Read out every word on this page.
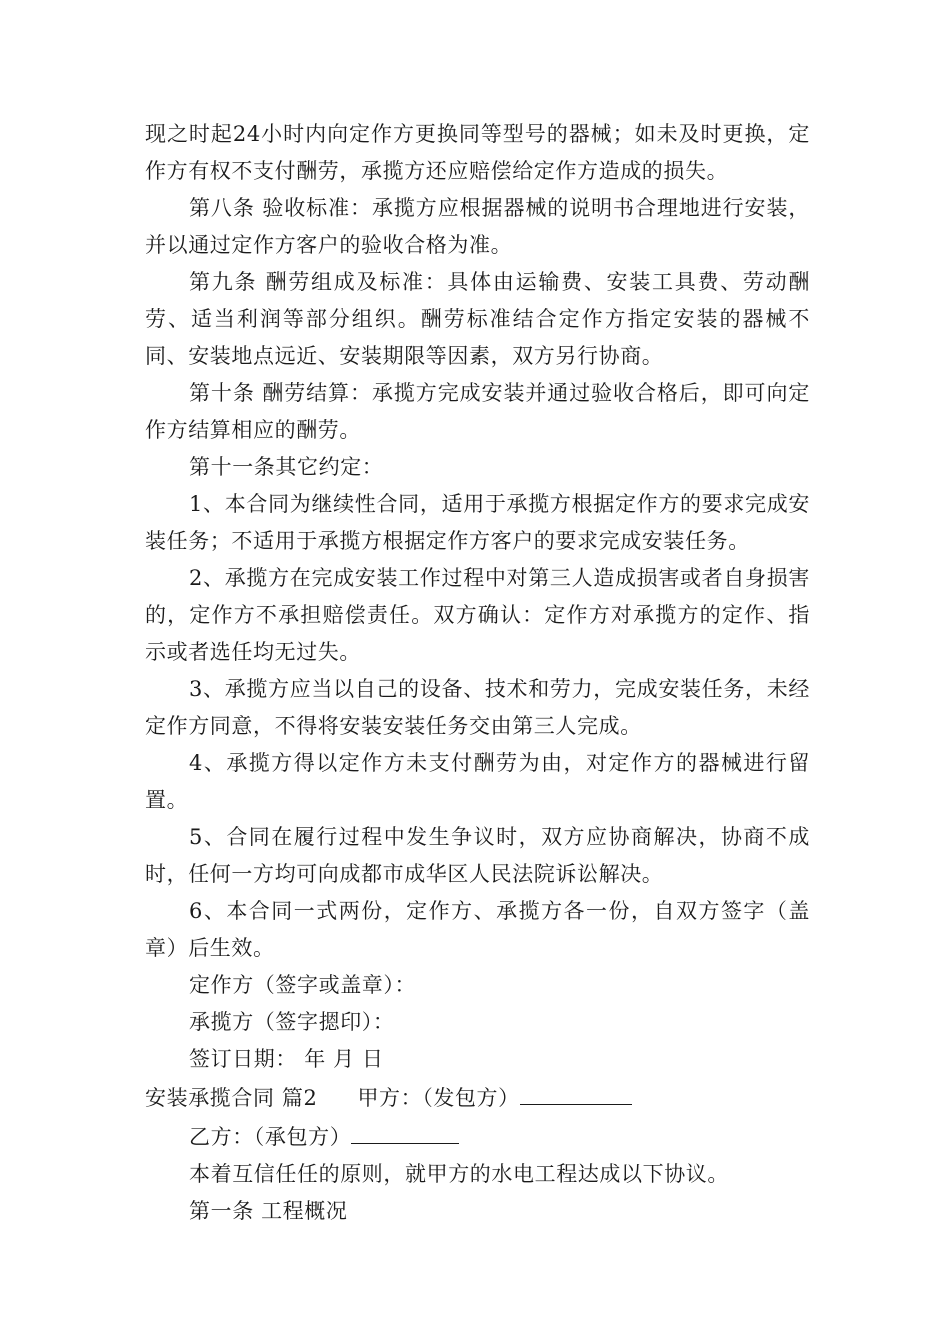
现之时起24小时内向定作方更换同等型号的器械；如未及时更换，定作方有权不支付酬劳，承揽方还应赔偿给定作方造成的损失。

第八条 验收标准：承揽方应根据器械的说明书合理地进行安装，并以通过定作方客户的验收合格为准。

第九条 酬劳组成及标准：具体由运输费、安装工具费、劳动酬劳、适当利润等部分组织。酬劳标准结合定作方指定安装的器械不同、安装地点远近、安装期限等因素，双方另行协商。

第十条 酬劳结算：承揽方完成安装并通过验收合格后，即可向定作方结算相应的酬劳。

第十一条其它约定：

1、本合同为继续性合同，适用于承揽方根据定作方的要求完成安装任务；不适用于承揽方根据定作方客户的要求完成安装任务。

2、承揽方在完成安装工作过程中对第三人造成损害或者自身损害的，定作方不承担赔偿责任。双方确认：定作方对承揽方的定作、指示或者选任均无过失。

3、承揽方应当以自己的设备、技术和劳力，完成安装任务，未经定作方同意，不得将安装安装任务交由第三人完成。

4、承揽方得以定作方未支付酬劳为由，对定作方的器械进行留置。

5、合同在履行过程中发生争议时，双方应协商解决，协商不成时，任何一方均可向成都市成华区人民法院诉讼解决。

6、本合同一式两份，定作方、承揽方各一份，自双方签字（盖章）后生效。

定作方（签字或盖章）：

承揽方（签字摁印）：

签订日期： 年 月 日

安装承揽合同 篇2 甲方：（发包方）

乙方：（承包方）

本着互信任任的原则，就甲方的水电工程达成以下协议。

第一条 工程概况
